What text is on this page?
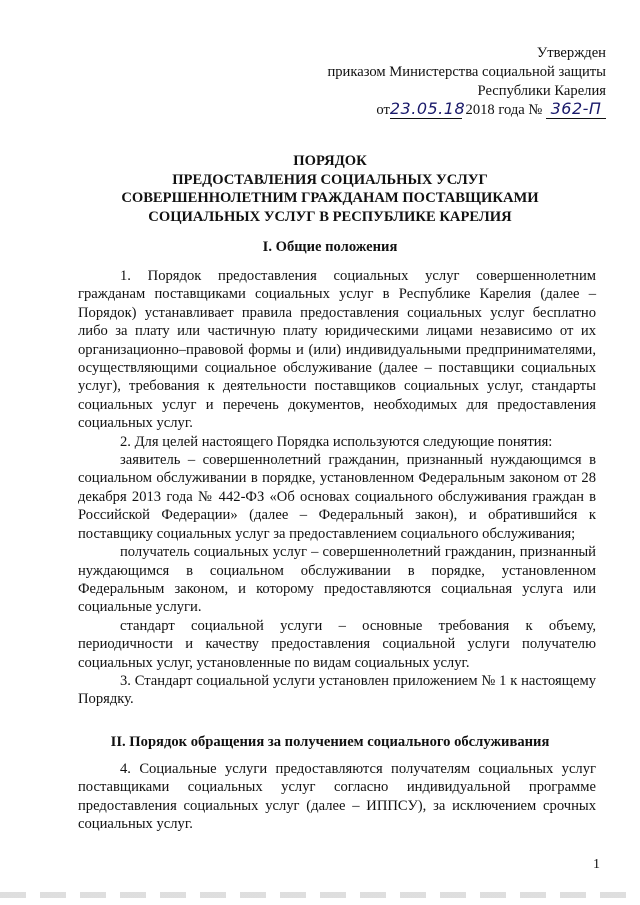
Утвержден
приказом Министерства социальной защиты
Республики Карелия
от23.05.18 2018 года № 362-П
ПОРЯДОК
ПРЕДОСТАВЛЕНИЯ СОЦИАЛЬНЫХ УСЛУГ
СОВЕРШЕННОЛЕТНИМ ГРАЖДАНАМ ПОСТАВЩИКАМИ
СОЦИАЛЬНЫХ УСЛУГ В РЕСПУБЛИКЕ КАРЕЛИЯ
I. Общие положения

1. Порядок предоставления социальных услуг совершеннолетним гражданам поставщиками социальных услуг в Республике Карелия (далее – Порядок) устанавливает правила предоставления социальных услуг бесплатно либо за плату или частичную плату юридическими лицами независимо от их организационно–правовой формы и (или) индивидуальными предпринимателями, осуществляющими социальное обслуживание (далее – поставщики социальных услуг), требования к деятельности поставщиков социальных услуг, стандарты социальных услуг и перечень документов, необходимых для предоставления социальных услуг.

2. Для целей настоящего Порядка используются следующие понятия:

заявитель – совершеннолетний гражданин, признанный нуждающимся в социальном обслуживании в порядке, установленном Федеральным законом от 28 декабря 2013 года № 442-ФЗ «Об основах социального обслуживания граждан в Российской Федерации» (далее – Федеральный закон), и обратившийся к поставщику социальных услуг за предоставлением социального обслуживания;

получатель социальных услуг – совершеннолетний гражданин, признанный нуждающимся в социальном обслуживании в порядке, установленном Федеральным законом, и которому предоставляются социальная услуга или социальные услуги.

стандарт социальной услуги – основные требования к объему, периодичности и качеству предоставления социальной услуги получателю социальных услуг, установленные по видам социальных услуг.

3. Стандарт социальной услуги установлен приложением № 1 к настоящему Порядку.

II. Порядок обращения за получением социального обслуживания

4. Социальные услуги предоставляются получателям социальных услуг поставщиками социальных услуг согласно индивидуальной программе предоставления социальных услуг (далее – ИППСУ), за исключением срочных социальных услуг.

1
